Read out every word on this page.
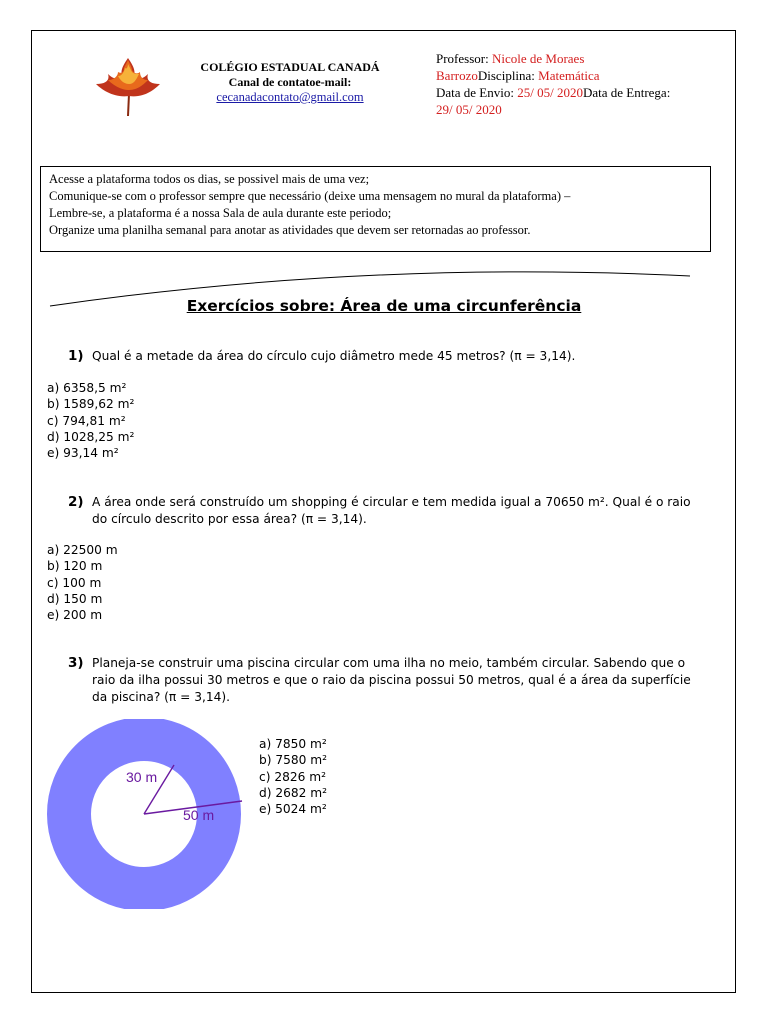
COLÉGIO ESTADUAL CANADÁ
Canal de contatoe-mail:
cecanadacontato@gmail.com
Professor: Nicole de Moraes
BarrozoDisciplina: Matemática
Data de Envio: 25/ 05/ 2020Data de Entrega:
29/ 05/ 2020
Acesse a plataforma todos os dias, se possivel mais de uma vez;
Comunique-se com o professor sempre que necessário (deixe uma mensagem no mural da plataforma) –
Lembre-se, a plataforma é a nossa Sala de aula durante este periodo;
Organize uma planilha semanal para anotar as atividades que devem ser retornadas ao professor.
Exercícios sobre: Área de uma circunferência
1) Qual é a metade da área do círculo cujo diâmetro mede 45 metros? (π = 3,14).
a) 6358,5 m²
b) 1589,62 m²
c) 794,81 m²
d) 1028,25 m²
e) 93,14 m²
2) A área onde será construído um shopping é circular e tem medida igual a 70650 m². Qual é o raio
do círculo descrito por essa área? (π = 3,14).
a) 22500 m
b) 120 m
c) 100 m
d) 150 m
e) 200 m
3) Planeja-se construir uma piscina circular com uma ilha no meio, também circular. Sabendo que o
raio da ilha possui 30 metros e que o raio da piscina possui 50 metros, qual é a área da superfície
da piscina? (π = 3,14).
30 m
50 m
a) 7850 m²
b) 7580 m²
c) 2826 m²
d) 2682 m²
e) 5024 m²
